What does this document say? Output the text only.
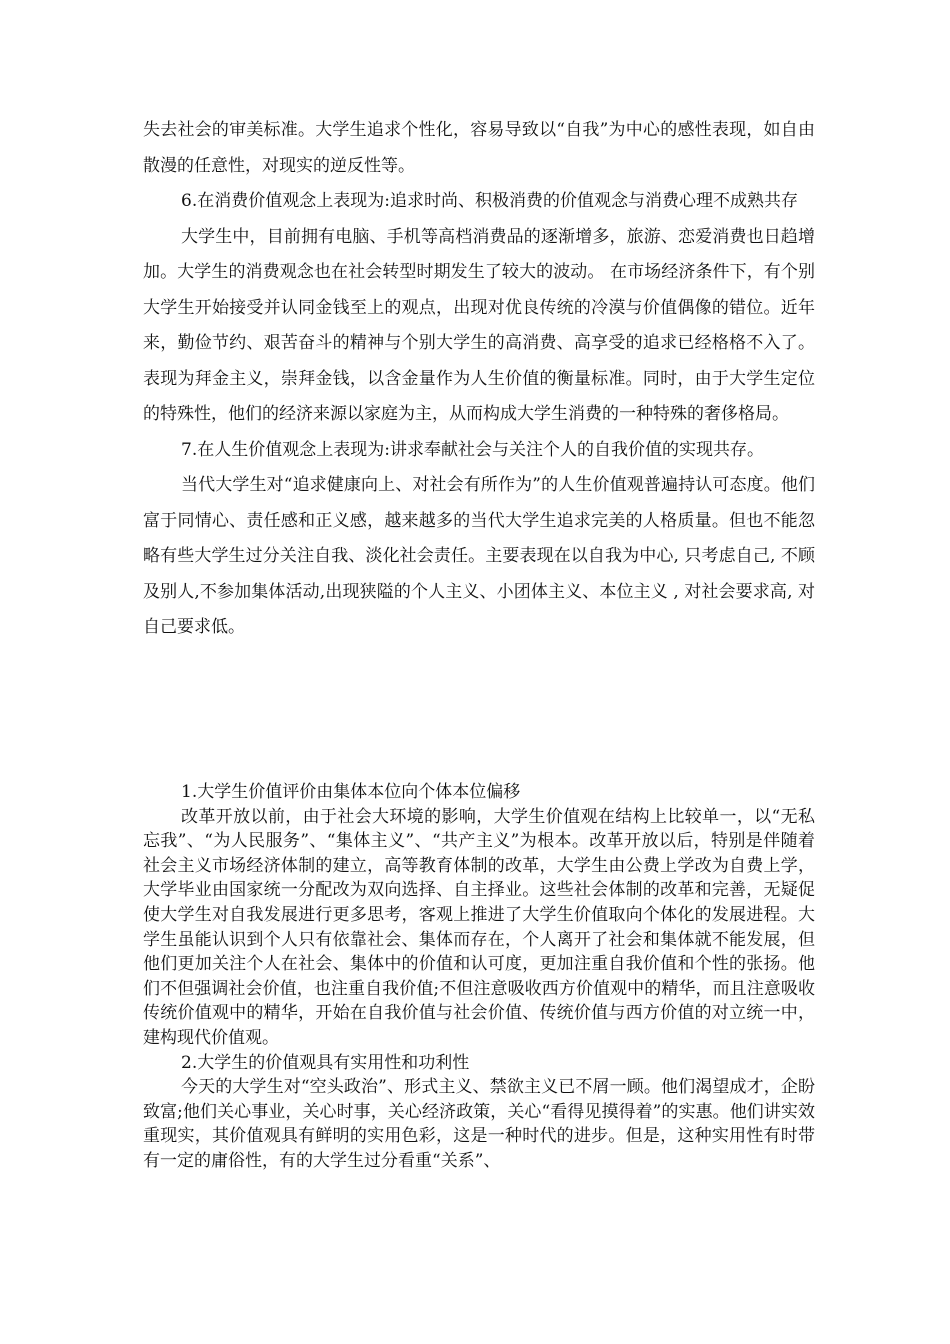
失去社会的审美标准。大学生追求个性化，容易导致以“自我”为中心的感性表现，如自由散漫的任意性，对现实的逆反性等。

6.在消费价值观念上表现为:追求时尚、积极消费的价值观念与消费心理不成熟共存

大学生中，目前拥有电脑、手机等高档消费品的逐渐增多，旅游、恋爱消费也日趋增加。大学生的消费观念也在社会转型时期发生了较大的波动。 在市场经济条件下，有个别大学生开始接受并认同金钱至上的观点，出现对优良传统的冷漠与价值偶像的错位。近年来，勤俭节约、艰苦奋斗的精神与个别大学生的高消费、高享受的追求已经格格不入了。表现为拜金主义，崇拜金钱，以含金量作为人生价值的衡量标准。同时，由于大学生定位的特殊性，他们的经济来源以家庭为主，从而构成大学生消费的一种特殊的奢侈格局。

7.在人生价值观念上表现为:讲求奉献社会与关注个人的自我价值的实现共存。

当代大学生对“追求健康向上、对社会有所作为”的人生价值观普遍持认可态度。他们富于同情心、责任感和正义感，越来越多的当代大学生追求完美的人格质量。但也不能忽略有些大学生过分关注自我、淡化社会责任。主要表现在以自我为中心, 只考虑自己, 不顾及别人,不参加集体活动,出现狭隘的个人主义、小团体主义、本位主义 , 对社会要求高, 对自己要求低。

1.大学生价值评价由集体本位向个体本位偏移

改革开放以前，由于社会大环境的影响，大学生价值观在结构上比较单一，以“无私忘我”、“为人民服务”、“集体主义”、“共产主义”为根本。改革开放以后，特别是伴随着社会主义市场经济体制的建立，高等教育体制的改革，大学生由公费上学改为自费上学，大学毕业由国家统一分配改为双向选择、自主择业。这些社会体制的改革和完善，无疑促使大学生对自我发展进行更多思考，客观上推进了大学生价值取向个体化的发展进程。大学生虽能认识到个人只有依靠社会、集体而存在，个人离开了社会和集体就不能发展，但他们更加关注个人在社会、集体中的价值和认可度，更加注重自我价值和个性的张扬。他们不但强调社会价值，也注重自我价值;不但注意吸收西方价值观中的精华，而且注意吸收传统价值观中的精华，开始在自我价值与社会价值、传统价值与西方价值的对立统一中，建构现代价值观。

2.大学生的价值观具有实用性和功利性

今天的大学生对“空头政治”、形式主义、禁欲主义已不屑一顾。他们渴望成才，企盼致富;他们关心事业，关心时事，关心经济政策，关心“看得见摸得着”的实惠。他们讲实效重现实，其价值观具有鲜明的实用色彩，这是一种时代的进步。但是，这种实用性有时带有一定的庸俗性，有的大学生过分看重“关系”、
